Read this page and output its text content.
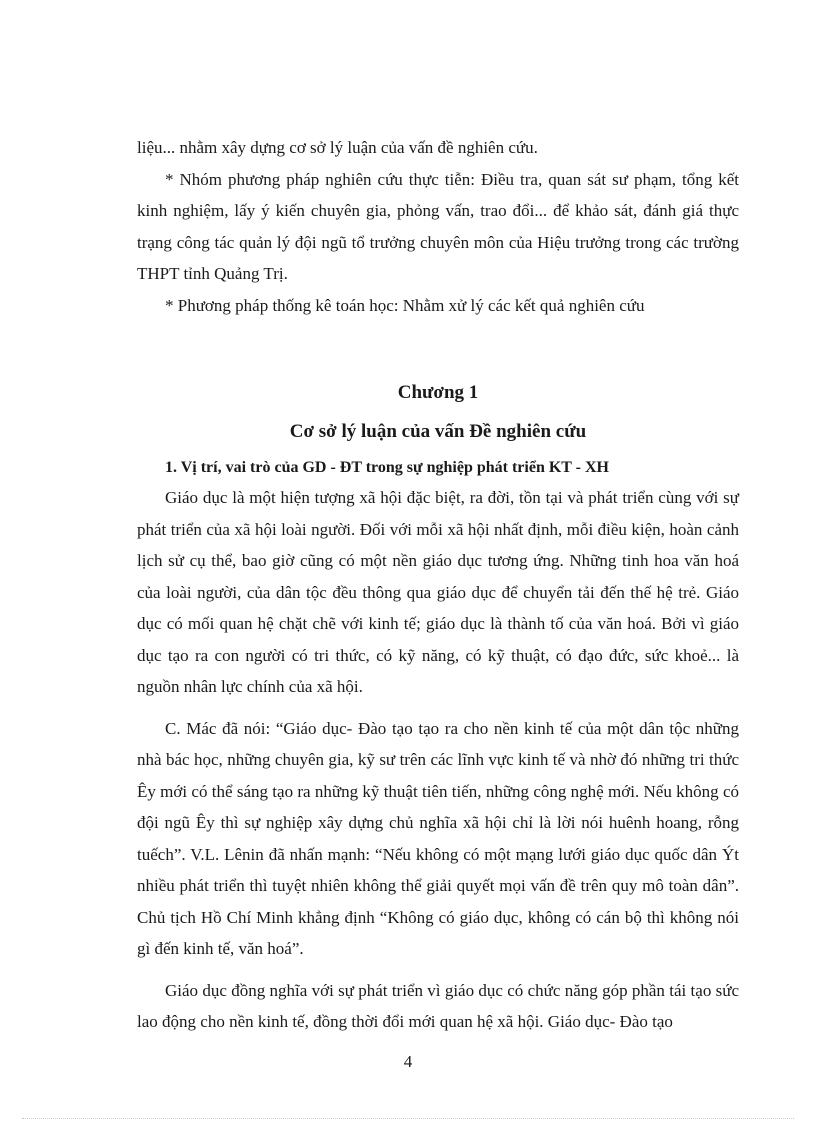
liệu... nhằm xây dựng cơ sở lý luận của vấn đề nghiên cứu.

* Nhóm phương pháp nghiên cứu thực tiễn: Điều tra, quan sát sư phạm, tổng kết kinh nghiệm, lấy ý kiến chuyên gia, phỏng vấn, trao đổi... để khảo sát, đánh giá thực trạng công tác quản lý đội ngũ tổ trưởng chuyên môn của Hiệu trưởng trong các trường THPT tỉnh Quảng Trị.

* Phương pháp thống kê toán học: Nhằm xử lý các kết quả nghiên cứu

Chương 1
Cơ sở lý luận của vấn Đề nghiên cứu
1. Vị trí, vai trò của GD - ĐT trong sự nghiệp phát triển KT - XH

Giáo dục là một hiện tượng xã hội đặc biệt, ra đời, tồn tại và phát triển cùng với sự phát triển của xã hội loài người. Đối với mỗi xã hội nhất định, mỗi điều kiện, hoàn cảnh lịch sử cụ thể, bao giờ cũng có một nền giáo dục tương ứng. Những tinh hoa văn hoá của loài người, của dân tộc đều thông qua giáo dục để chuyển tải đến thế hệ trẻ. Giáo dục có mối quan hệ chặt chẽ với kinh tế; giáo dục là thành tố của văn hoá. Bởi vì giáo dục tạo ra con người có tri thức, có kỹ năng, có kỹ thuật, có đạo đức, sức khoẻ... là nguồn nhân lực chính của xã hội.

C. Mác đã nói: “Giáo dục- Đào tạo tạo ra cho nền kinh tế của một dân tộc những nhà bác học, những chuyên gia, kỹ sư trên các lĩnh vực kinh tế và nhờ đó những tri thức Êy mới có thể sáng tạo ra những kỹ thuật tiên tiến, những công nghệ mới. Nếu không có đội ngũ Êy thì sự nghiệp xây dựng chủ nghĩa xã hội chỉ là lời nói huênh hoang, rỗng tuếch”. V.L. Lênin đã nhấn mạnh: “Nếu không có một mạng lưới giáo dục quốc dân Ýt nhiều phát triển thì tuyệt nhiên không thể giải quyết mọi vấn đề trên quy mô toàn dân”. Chủ tịch Hồ Chí Minh khẳng định “Không có giáo dục, không có cán bộ thì không nói gì đến kinh tế, văn hoá”.

Giáo dục đồng nghĩa với sự phát triển vì giáo dục có chức năng góp phần tái tạo sức lao động cho nền kinh tế, đồng thời đổi mới quan hệ xã hội. Giáo dục- Đào tạo

4
